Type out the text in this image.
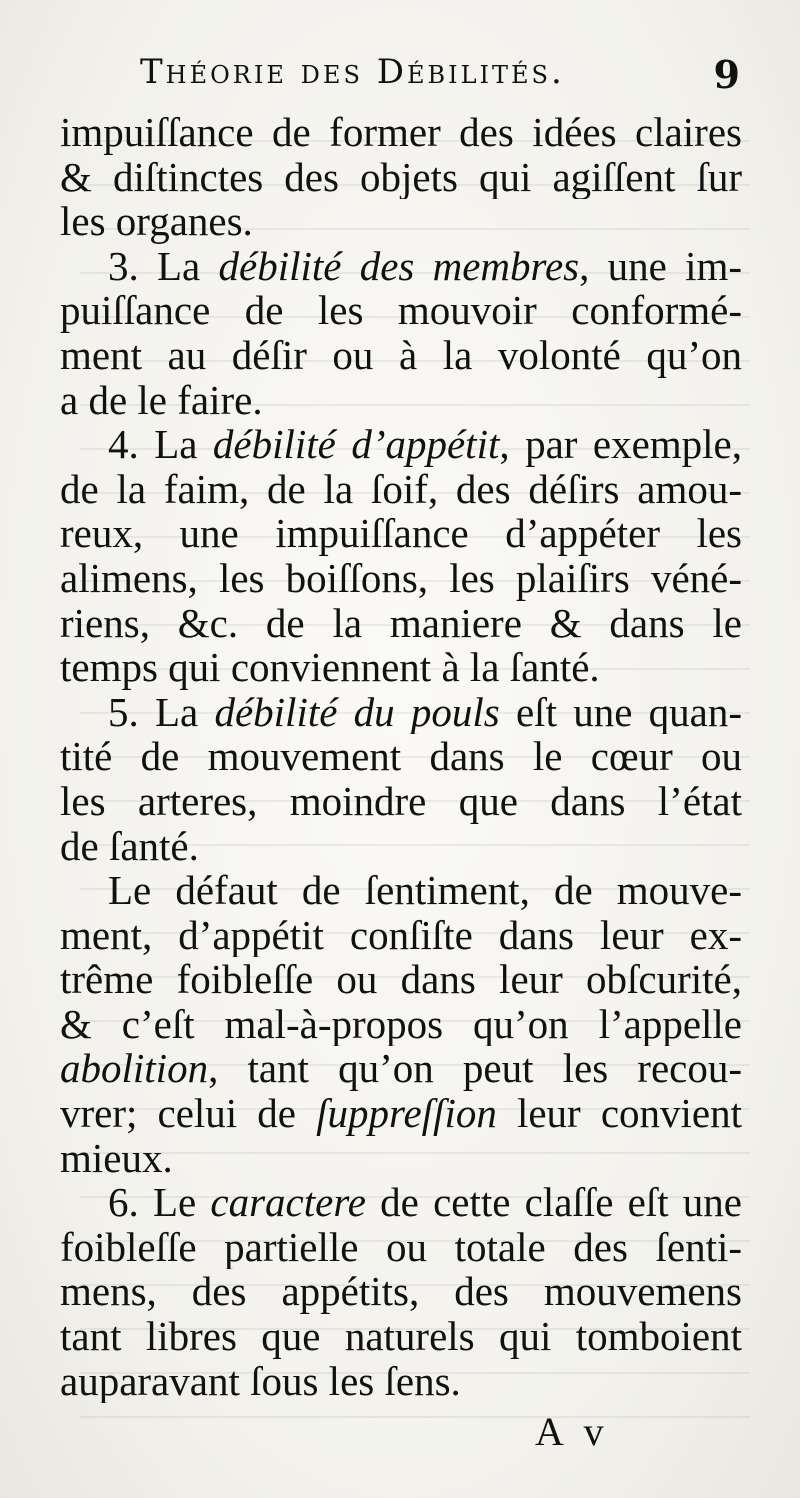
Théorie des Débilités.	9
impuiſſance de former des idées claires
& diſtinctes des objets qui agiſſent ſur
les organes.
3. La débilité des membres, une im-
puiſſance de les mouvoir conformé-
ment au déſir ou à la volonté qu’on
a de le faire.
4. La débilité d’appétit, par exemple,
de la faim, de la ſoif, des déſirs amou-
reux, une impuiſſance d’appéter les
alimens, les boiſſons, les plaiſirs véné-
riens, &c. de la maniere & dans le
temps qui conviennent à la ſanté.
5. La débilité du pouls eſt une quan-
tité de mouvement dans le cœur ou
les arteres, moindre que dans l’état
de ſanté.
Le défaut de ſentiment, de mouve-
ment, d’appétit conſiſte dans leur ex-
trême foibleſſe ou dans leur obſcurité,
& c’eſt mal-à-propos qu’on l’appelle
abolition, tant qu’on peut les recou-
vrer; celui de ſuppreſſion leur convient
mieux.
6. Le caractere de cette claſſe eſt une
foibleſſe partielle ou totale des ſenti-
mens, des appétits, des mouvemens
tant libres que naturels qui tomboient
auparavant ſous les ſens.
A v
